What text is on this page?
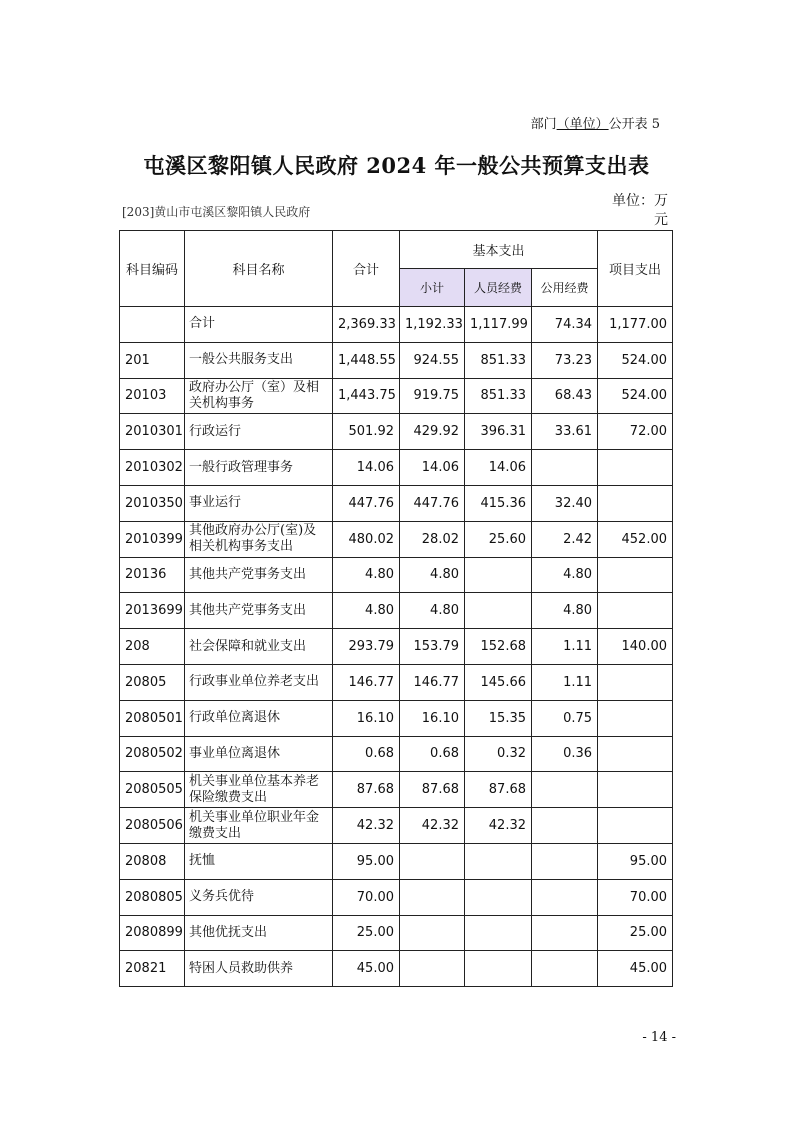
部门（单位）公开表 5
屯溪区黎阳镇人民政府 2024 年一般公共预算支出表
[203]黄山市屯溪区黎阳镇人民政府
单位：万元
科目编码	科目名称	合计	基本支出			项目支出
			小计	人员经费	公用经费	
	合计	2,369.33	1,192.33	1,117.99	74.34	1,177.00
201	一般公共服务支出	1,448.55	924.55	851.33	73.23	524.00
20103	政府办公厅（室）及相关机构事务	1,443.75	919.75	851.33	68.43	524.00
2010301	行政运行	501.92	429.92	396.31	33.61	72.00
2010302	一般行政管理事务	14.06	14.06	14.06		
2010350	事业运行	447.76	447.76	415.36	32.40	
2010399	其他政府办公厅(室)及相关机构事务支出	480.02	28.02	25.60	2.42	452.00
20136	其他共产党事务支出	4.80	4.80		4.80	
2013699	其他共产党事务支出	4.80	4.80		4.80	
208	社会保障和就业支出	293.79	153.79	152.68	1.11	140.00
20805	行政事业单位养老支出	146.77	146.77	145.66	1.11	
2080501	行政单位离退休	16.10	16.10	15.35	0.75	
2080502	事业单位离退休	0.68	0.68	0.32	0.36	
2080505	机关事业单位基本养老保险缴费支出	87.68	87.68	87.68		
2080506	机关事业单位职业年金缴费支出	42.32	42.32	42.32		
20808	抚恤	95.00				95.00
2080805	义务兵优待	70.00				70.00
2080899	其他优抚支出	25.00				25.00
20821	特困人员救助供养	45.00				45.00
- 14 -
